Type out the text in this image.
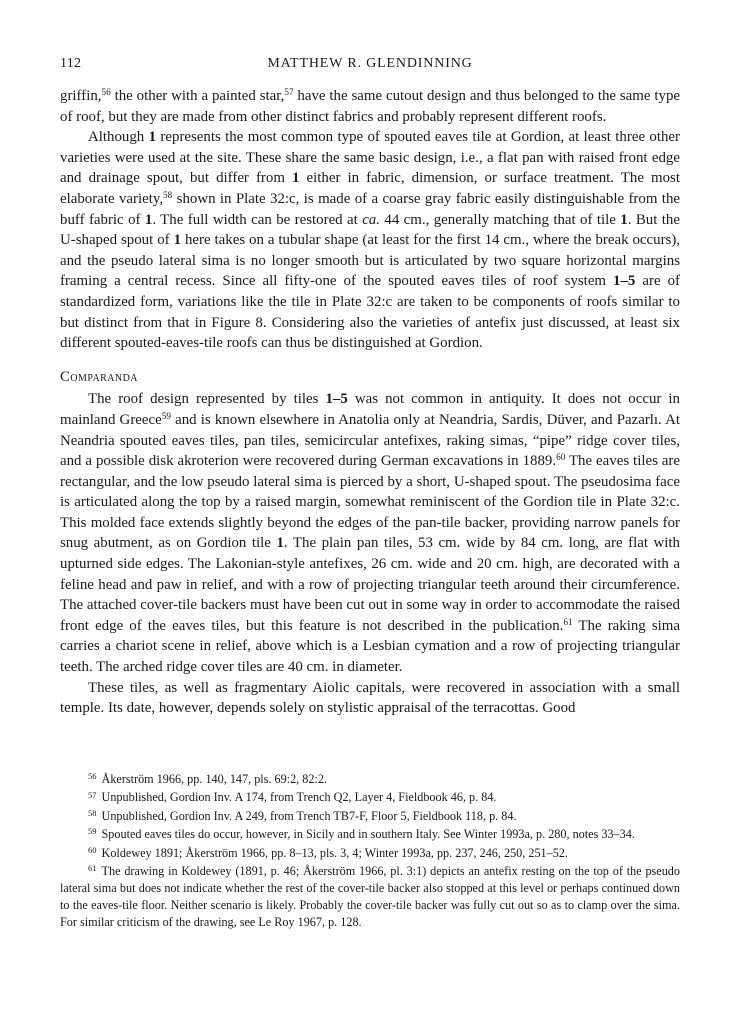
112	MATTHEW R. GLENDINNING

griffin,$^{56}$ the other with a painted star,$^{57}$ have the same cutout design and thus belonged to the same type of roof, but they are made from other distinct fabrics and probably represent different roofs.

Although 1 represents the most common type of spouted eaves tile at Gordion, at least three other varieties were used at the site. These share the same basic design, i.e., a flat pan with raised front edge and drainage spout, but differ from 1 either in fabric, dimension, or surface treatment. The most elaborate variety,$^{58}$ shown in Plate 32:c, is made of a coarse gray fabric easily distinguishable from the buff fabric of 1. The full width can be restored at ca. 44 cm., generally matching that of tile 1. But the U-shaped spout of 1 here takes on a tubular shape (at least for the first 14 cm., where the break occurs), and the pseudo lateral sima is no longer smooth but is articulated by two square horizontal margins framing a central recess. Since all fifty-one of the spouted eaves tiles of roof system 1–5 are of standardized form, variations like the tile in Plate 32:c are taken to be components of roofs similar to but distinct from that in Figure 8. Considering also the varieties of antefix just discussed, at least six different spouted-eaves-tile roofs can thus be distinguished at Gordion.

Comparanda

The roof design represented by tiles 1–5 was not common in antiquity. It does not occur in mainland Greece$^{59}$ and is known elsewhere in Anatolia only at Neandria, Sardis, Düver, and Pazarlı. At Neandria spouted eaves tiles, pan tiles, semicircular antefixes, raking simas, “pipe” ridge cover tiles, and a possible disk akroterion were recovered during German excavations in 1889.60 The eaves tiles are rectangular, and the low pseudo lateral sima is pierced by a short, U-shaped spout. The pseudosima face is articulated along the top by a raised margin, somewhat reminiscent of the Gordion tile in Plate 32:c. This molded face extends slightly beyond the edges of the pan-tile backer, providing narrow panels for snug abutment, as on Gordion tile 1. The plain pan tiles, 53 cm. wide by 84 cm. long, are flat with upturned side edges. The Lakonian-style antefixes, 26 cm. wide and 20 cm. high, are decorated with a feline head and paw in relief, and with a row of projecting triangular teeth around their circumference. The attached cover-tile backers must have been cut out in some way in order to accommodate the raised front edge of the eaves tiles, but this feature is not described in the publication.$^{61}$ The raking sima carries a chariot scene in relief, above which is a Lesbian cymation and a row of projecting triangular teeth. The arched ridge cover tiles are 40 cm. in diameter.

These tiles, as well as fragmentary Aiolic capitals, were recovered in association with a small temple. Its date, however, depends solely on stylistic appraisal of the terracottas. Good

$^{56}$ Åkerström 1966, pp. 140, 147, pls. 69:2, 82:2.

$^{57}$ Unpublished, Gordion Inv. A 174, from Trench Q2, Layer 4, Fieldbook 46, p. 84.

$^{58}$ Unpublished, Gordion Inv. A 249, from Trench TB7-F, Floor 5, Fieldbook 118, p. 84.

$^{59}$ Spouted eaves tiles do occur, however, in Sicily and in southern Italy. See Winter 1993a, p. 280, notes 33–34.

$^{60}$ Koldewey 1891; Åkerström 1966, pp. 8–13, pls. 3, 4; Winter 1993a, pp. 237, 246, 250, 251–52.

$^{61}$ The drawing in Koldewey (1891, p. 46; Åkerström 1966, pl. 3:1) depicts an antefix resting on the top of the pseudo lateral sima but does not indicate whether the rest of the cover-tile backer also stopped at this level or perhaps continued down to the eaves-tile floor. Neither scenario is likely. Probably the cover-tile backer was fully cut out so as to clamp over the sima. For similar criticism of the drawing, see Le Roy 1967, p. 128.
